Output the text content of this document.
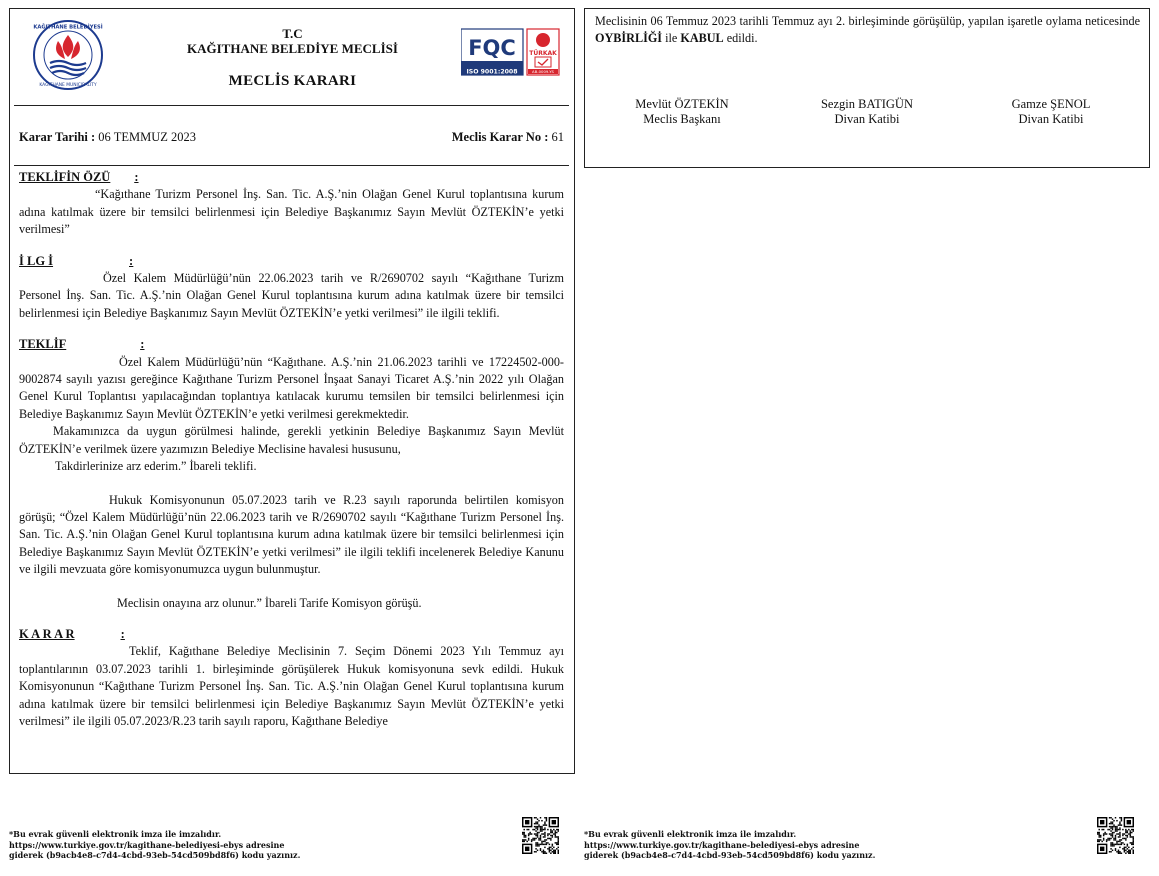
KAĞITHANE BELEDİYESİ
KAĞITHANE MUNICIPALITY
T.C
KAĞITHANE BELEDİYE MECLİSİ
MECLİS KARARI
FQC
ISO 9001:2008
TÜRKAK
AB-0009-YS
Karar Tarihi : 06 TEMMUZ 2023	Meclis Karar No : 61
TEKLİFİN ÖZÜ :

“Kağıthane Turizm Personel İnş. San. Tic. A.Ş.’nin Olağan Genel Kurul toplantısına kurum adına katılmak üzere bir temsilci belirlenmesi için Belediye Başkanımız Sayın Mevlüt ÖZTEKİN’e yetki verilmesi”

İ LG İ	:

Özel Kalem Müdürlüğü’nün 22.06.2023 tarih ve R/2690702 sayılı “Kağıthane Turizm Personel İnş. San. Tic. A.Ş.’nin Olağan Genel Kurul toplantısına kurum adına katılmak üzere bir temsilci belirlenmesi için Belediye Başkanımız Sayın Mevlüt ÖZTEKİN’e yetki verilmesi” ile ilgili teklifi.

TEKLİF	:

Özel Kalem Müdürlüğü’nün “Kağıthane. A.Ş.’nin 21.06.2023 tarihli ve 17224502-000-9002874 sayılı yazısı gereğince Kağıthane Turizm Personel İnşaat Sanayi Ticaret A.Ş.’nin 2022 yılı Olağan Genel Kurul Toplantısı yapılacağından toplantıya katılacak kurumu temsilen bir temsilci belirlenmesi için Belediye Başkanımız Sayın Mevlüt ÖZTEKİN’e yetki verilmesi gerekmektedir.

Makamınızca da uygun görülmesi halinde, gerekli yetkinin Belediye Başkanımız Sayın Mevlüt ÖZTEKİN’e verilmek üzere yazımızın Belediye Meclisine havalesi hususunu,

Takdirlerinize arz ederim.” İbareli teklifi.

Hukuk Komisyonunun 05.07.2023 tarih ve R.23 sayılı raporunda belirtilen komisyon görüşü; “Özel Kalem Müdürlüğü’nün 22.06.2023 tarih ve R/2690702 sayılı “Kağıthane Turizm Personel İnş. San. Tic. A.Ş.’nin Olağan Genel Kurul toplantısına kurum adına katılmak üzere bir temsilci belirlenmesi için Belediye Başkanımız Sayın Mevlüt ÖZTEKİN’e yetki verilmesi” ile ilgili teklifi incelenerek Belediye Kanunu ve ilgili mevzuata göre komisyonumuzca uygun bulunmuştur.

Meclisin onayına arz olunur.” İbareli Tarife Komisyon görüşü.

K A R A R	:

Teklif, Kağıthane Belediye Meclisinin 7. Seçim Dönemi 2023 Yılı Temmuz ayı toplantılarının 03.07.2023 tarihli 1. birleşiminde görüşülerek Hukuk komisyonuna sevk edildi. Hukuk Komisyonunun “Kağıthane Turizm Personel İnş. San. Tic. A.Ş.’nin Olağan Genel Kurul toplantısına kurum adına katılmak üzere bir temsilci belirlenmesi için Belediye Başkanımız Sayın Mevlüt ÖZTEKİN’e yetki verilmesi” ile ilgili 05.07.2023/R.23 tarih sayılı raporu, Kağıthane Belediye

Meclisinin 06 Temmuz 2023 tarihli Temmuz ayı 2. birleşiminde görüşülüp, yapılan işaretle oylama neticesinde OYBİRLİĞİ ile KABUL edildi.

Mevlüt ÖZTEKİN
Meclis Başkanı
Sezgin BATIGÜN
Divan Katibi
Gamze ŞENOL
Divan Katibi
*Bu evrak güvenli elektronik imza ile imzalıdır.
https://www.turkiye.gov.tr/kagithane-belediyesi-ebys adresine
giderek (b9acb4e8-c7d4-4cbd-93eb-54cd509bd8f6) kodu yazınız.
*Bu evrak güvenli elektronik imza ile imzalıdır.
https://www.turkiye.gov.tr/kagithane-belediyesi-ebys adresine
giderek (b9acb4e8-c7d4-4cbd-93eb-54cd509bd8f6) kodu yazınız.
